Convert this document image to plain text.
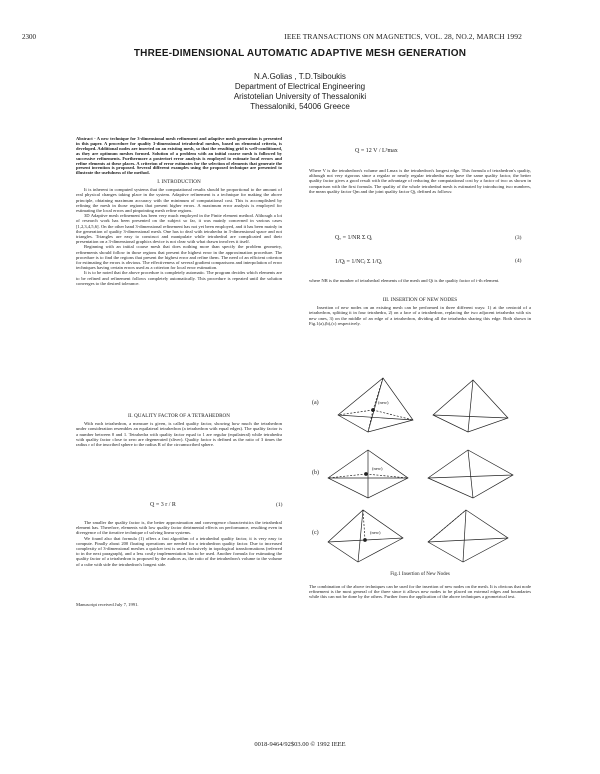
2300	IEEE TRANSACTIONS ON MAGNETICS, VOL. 28, NO.2, MARCH 1992
THREE-DIMENSIONAL AUTOMATIC ADAPTIVE MESH GENERATION
N.A.Golias , T.D.Tsiboukis
Department of Electrical Engineering
Aristotelian University of Thessaloniki
Thessaloniki, 54006 Greece
Abstract - A new technique for 3-dimensional mesh refinement and adaptive mesh generation is presented in this paper. A procedure for quality 3-dimensional tetrahedral meshes, based on elemental criteria, is developed. Additional nodes are inserted on an existing mesh, so that the resulting grid is well-conditioned, as they are optimum meshes formed. Solution of a problem with an initial coarse mesh is followed by successive refinements. Furthermore a posteriori error analysis is employed to estimate local errors and refine elements at these places. A criterion of error estimates for the selection of elements that generate the present invention is proposed. Several different examples using the proposed technique are presented to illustrate the usefulness of the method.
I. INTRODUCTION
It is inherent in computed systems that the computational results should be proportional to the amount of real physical changes taking place in the system. Adaptive refinement is a technique for making the above principle, obtaining maximum accuracy with the minimum of computational cost. This is accomplished by refining the mesh in those regions that present higher errors. A maximum error analysis is employed for estimating the local errors and pinpointing mesh refine regions.
3D Adaptive mesh refinement has been very much employed in the Finite element method. Although a lot of research work has been presented on the subject so far, it was mainly concerned in various cases [1,2,3,4,5,6]. On the other hand 3-dimensional refinement has not yet been employed, and it has been mainly in the generation of quality 3-dimensional mesh. One has to deal with tetrahedra in 3-dimensional space and not triangles. Triangles are easy to construct and manipulate while tetrahedral are complicated and their presentation on a 3-dimensional graphics device is not clear with what drawn involves it itself.
Beginning with an initial coarse mesh that does nothing more than specify the problem geometry, refinements should follow in those regions that present the highest error in the approximation procedure. The procedure is to find the regions that present the highest error and refine them. The need of an efficient criterion for estimating the errors is obvious. The effectiveness of several gradient comparisons and interpolation of error techniques having certain errors used as a criterion for local error estimation.
It is to be noted that the above procedure is completely automatic. The program decides which elements are to be refined and refinement follows completely automatically. This procedure is repeated until the solution converges to the desired tolerance.
II. QUALITY FACTOR OF A TETRAHEDRON
With each tetrahedron, a measure is given, is called quality factor, showing how much the tetrahedron under consideration resembles an equilateral tetrahedron (a tetrahedron with equal edges). The quality factor is a number between 0 and 1. Tetrahedra with quality factor equal to 1 are regular (equilateral) while tetrahedra with quality factor close to zero are degenerated (sliver). Quality factor is defined as the ratio of 3 times the radius r of the inscribed sphere to the radius R of the circumscribed sphere.
Q = 3 r / R	(1)
The smaller the quality factor is, the better approximation and convergence characteristics the tetrahedral element has. Therefore, elements with low quality factor detrimental effects on performance, resulting even in divergence of the iterative technique of solving linear systems.
We found also that formula (1) offers a fast algorithm of a tetrahedral quality factor, it is very easy to compute. Finally about 200 floating operations are needed for a tetrahedron quality factor. Due to increased complexity of 3-dimensional meshes a quicker test is used exclusively in topological transformations (referred to in the next paragraph), and a less costly implementation has to be used. Another formula for estimating the quality factor of a tetrahedron is proposed by the authors as, the ratio of the tetrahedron's volume to the volume of a cube with side the tetrahedron's longest side.
Manuscript received July 7, 1991.
Q = 12 V / L³max
Where V is the tetrahedron's volume and Lmax is the tetrahedron's longest edge. This formula of tetrahedron's quality, although not very rigorous since a regular or nearly regular tetrahedra may have the same quality factor, the better quality factor gives a good result with the advantage of reducing the computational cost by a factor of two as shown in comparison with the first formula. The quality of the whole tetrahedral mesh is estimated by introducing two numbers, the mean quality factor Qm and the joint quality factor Qj, defined as follows:
Qᵥ = 1/NR Σ Qᵢ	(3)
1/Qⱼ = 1/NCⱼ Σ 1/Qᵢ	(4)
where NR is the number of tetrahedral elements of the mesh and Qi is the quality factor of i-th element.
III. INSERTION OF NEW NODES
Insertion of new nodes on an existing mesh can be performed in three different ways: 1) at the centroid of a tetrahedron, splitting it in four tetrahedra, 2) on a face of a tetrahedron, replacing the two adjacent tetrahedra with six new ones, 3) on the middle of an edge of a tetrahedron, dividing all the tetrahedra sharing this edge. Both shown in Fig.1(a),(b),(c) respectively.
(a)
(b)
(c)
(new)
(new)
(new)
Fig.1 Insertion of New Nodes
The combination of the above techniques can be used for the insertion of new nodes on the mesh. It is obvious that node refinement is the most general of the three since it allows new nodes to be placed on external edges and boundaries while this can not be done by the others. Further from the application of the above techniques a geometrical test.
0018-9464/92$03.00 © 1992 IEEE
